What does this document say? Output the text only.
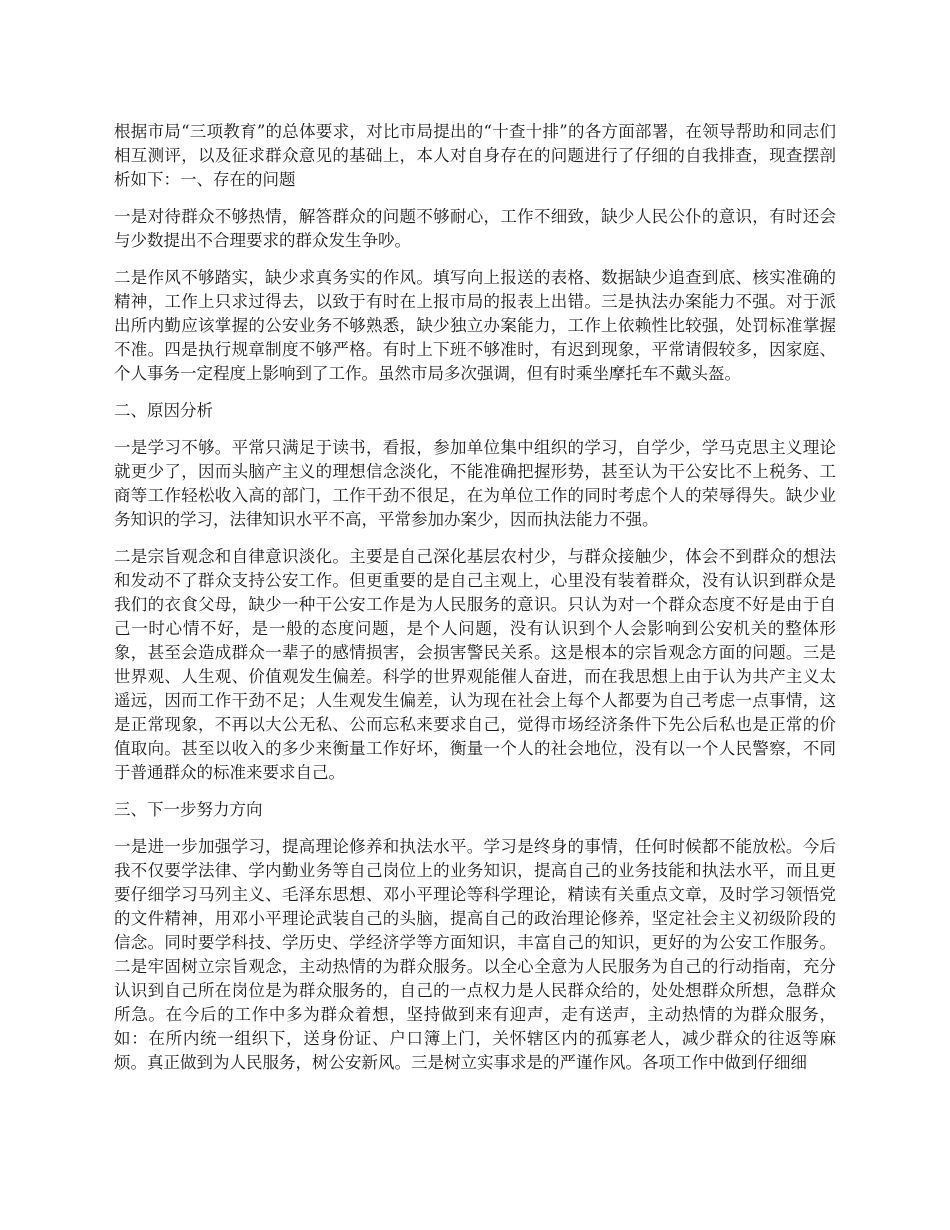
根据市局“三项教育”的总体要求，对比市局提出的“十查十排”的各方面部署，在领导帮助和同志们相互测评，以及征求群众意见的基础上，本人对自身存在的问题进行了仔细的自我排查，现查摆剖析如下：一、存在的问题

一是对待群众不够热情，解答群众的问题不够耐心，工作不细致，缺少人民公仆的意识，有时还会与少数提出不合理要求的群众发生争吵。

二是作风不够踏实，缺少求真务实的作风。填写向上报送的表格、数据缺少追查到底、核实准确的精神，工作上只求过得去，以致于有时在上报市局的报表上出错。三是执法办案能力不强。对于派出所内勤应该掌握的公安业务不够熟悉，缺少独立办案能力，工作上依赖性比较强，处罚标准掌握不准。四是执行规章制度不够严格。有时上下班不够准时，有迟到现象，平常请假较多，因家庭、个人事务一定程度上影响到了工作。虽然市局多次强调，但有时乘坐摩托车不戴头盔。

二、原因分析

一是学习不够。平常只满足于读书，看报，参加单位集中组织的学习，自学少，学马克思主义理论就更少了，因而头脑产主义的理想信念淡化，不能准确把握形势，甚至认为干公安比不上税务、工商等工作轻松收入高的部门，工作干劲不很足，在为单位工作的同时考虑个人的荣辱得失。缺少业务知识的学习，法律知识水平不高，平常参加办案少，因而执法能力不强。

二是宗旨观念和自律意识淡化。主要是自己深化基层农村少，与群众接触少，体会不到群众的想法和发动不了群众支持公安工作。但更重要的是自己主观上，心里没有装着群众，没有认识到群众是我们的衣食父母，缺少一种干公安工作是为人民服务的意识。只认为对一个群众态度不好是由于自己一时心情不好，是一般的态度问题，是个人问题，没有认识到个人会影响到公安机关的整体形象，甚至会造成群众一辈子的感情损害，会损害警民关系。这是根本的宗旨观念方面的问题。三是世界观、人生观、价值观发生偏差。科学的世界观能催人奋进，而在我思想上由于认为共产主义太遥远，因而工作干劲不足；人生观发生偏差，认为现在社会上每个人都要为自己考虑一点事情，这是正常现象，不再以大公无私、公而忘私来要求自己，觉得市场经济条件下先公后私也是正常的价值取向。甚至以收入的多少来衡量工作好坏，衡量一个人的社会地位，没有以一个人民警察，不同于普通群众的标准来要求自己。

三、下一步努力方向

一是进一步加强学习，提高理论修养和执法水平。学习是终身的事情，任何时候都不能放松。今后我不仅要学法律、学内勤业务等自己岗位上的业务知识，提高自己的业务技能和执法水平，而且更要仔细学习马列主义、毛泽东思想、邓小平理论等科学理论，精读有关重点文章，及时学习领悟党的文件精神，用邓小平理论武装自己的头脑，提高自己的政治理论修养，坚定社会主义初级阶段的信念。同时要学科技、学历史、学经济学等方面知识，丰富自己的知识，更好的为公安工作服务。二是牢固树立宗旨观念，主动热情的为群众服务。以全心全意为人民服务为自己的行动指南，充分认识到自己所在岗位是为群众服务的，自己的一点权力是人民群众给的，处处想群众所想，急群众所急。在今后的工作中多为群众着想，坚持做到来有迎声，走有送声，主动热情的为群众服务，如：在所内统一组织下，送身份证、户口簿上门，关怀辖区内的孤寡老人，减少群众的往返等麻烦。真正做到为人民服务，树公安新风。三是树立实事求是的严谨作风。各项工作中做到仔细细
